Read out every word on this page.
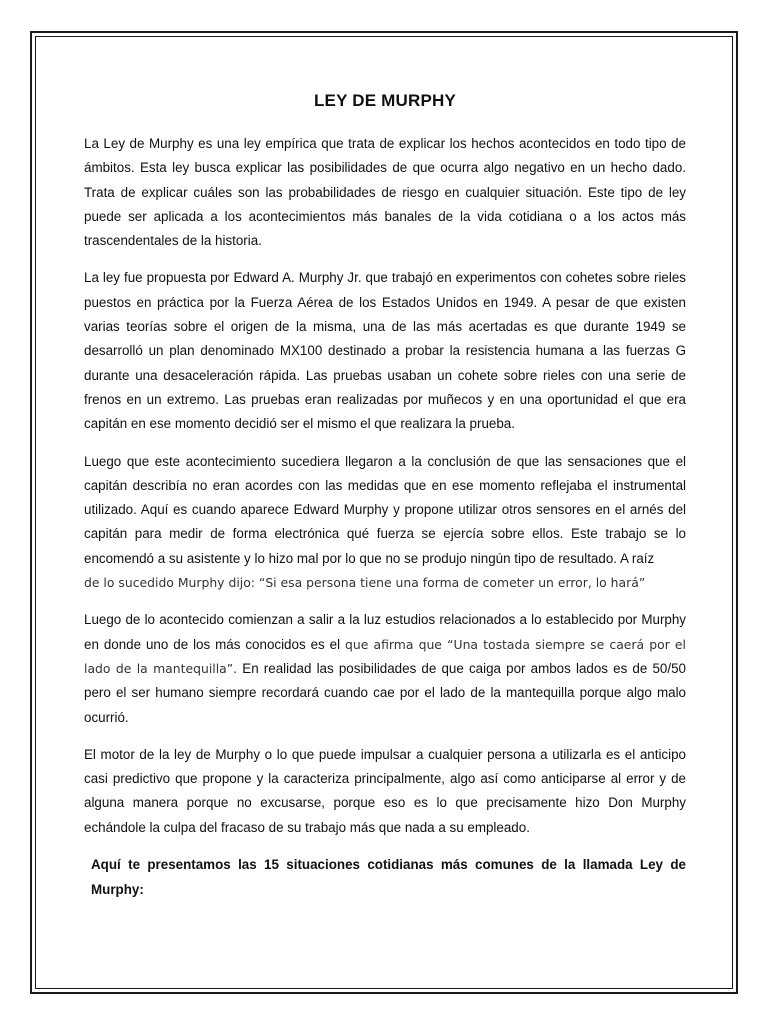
LEY DE MURPHY

La Ley de Murphy es una ley empírica que trata de explicar los hechos acontecidos en todo tipo de ámbitos. Esta ley busca explicar las posibilidades de que ocurra algo negativo en un hecho dado. Trata de explicar cuáles son las probabilidades de riesgo en cualquier situación. Este tipo de ley puede ser aplicada a los acontecimientos más banales de la vida cotidiana o a los actos más trascendentales de la historia.

La ley fue propuesta por Edward A. Murphy Jr. que trabajó en experimentos con cohetes sobre rieles puestos en práctica por la Fuerza Aérea de los Estados Unidos en 1949. A pesar de que existen varias teorías sobre el origen de la misma, una de las más acertadas es que durante 1949 se desarrolló un plan denominado MX100 destinado a probar la resistencia humana a las fuerzas G durante una desaceleración rápida. Las pruebas usaban un cohete sobre rieles con una serie de frenos en un extremo. Las pruebas eran realizadas por muñecos y en una oportunidad el que era capitán en ese momento decidió ser el mismo el que realizara la prueba.

Luego que este acontecimiento sucediera llegaron a la conclusión de que las sensaciones que el capitán describía no eran acordes con las medidas que en ese momento reflejaba el instrumental utilizado. Aquí es cuando aparece Edward Murphy y propone utilizar otros sensores en el arnés del capitán para medir de forma electrónica qué fuerza se ejercía sobre ellos. Este trabajo se lo encomendó a su asistente y lo hizo mal por lo que no se produjo ningún tipo de resultado. A raíz
de lo sucedido Murphy dijo: “Si esa persona tiene una forma de cometer un error, lo hará”

Luego de lo acontecido comienzan a salir a la luz estudios relacionados a lo establecido por Murphy en donde uno de los más conocidos es el que afirma que “Una tostada siempre se caerá por el lado de la mantequilla”. En realidad las posibilidades de que caiga por ambos lados es de 50/50 pero el ser humano siempre recordará cuando cae por el lado de la mantequilla porque algo malo ocurrió.

El motor de la ley de Murphy o lo que puede impulsar a cualquier persona a utilizarla es el anticipo casi predictivo que propone y la caracteriza principalmente, algo así como anticiparse al error y de alguna manera porque no excusarse, porque eso es lo que precisamente hizo Don Murphy echándole la culpa del fracaso de su trabajo más que nada a su empleado.

Aquí te presentamos las 15 situaciones cotidianas más comunes de la llamada Ley de Murphy:
